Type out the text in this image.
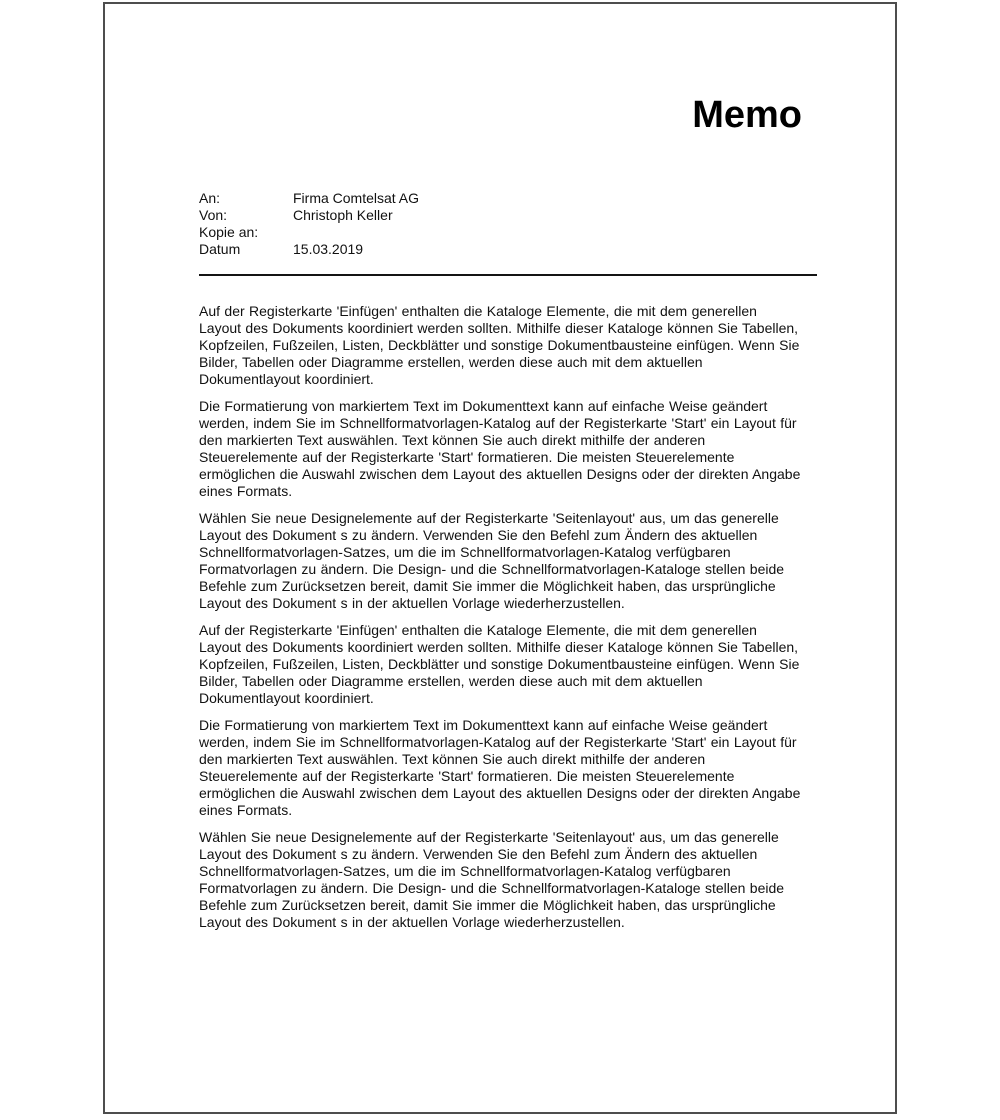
Memo
An:	Firma Comtelsat AG
Von:	Christoph Keller
Kopie an:
Datum	15.03.2019

Auf der Registerkarte 'Einfügen' enthalten die Kataloge Elemente, die mit dem generellen Layout des Dokuments koordiniert werden sollten. Mithilfe dieser Kataloge können Sie Tabellen, Kopfzeilen, Fußzeilen, Listen, Deckblätter und sonstige Dokumentbausteine einfügen. Wenn Sie Bilder, Tabellen oder Diagramme erstellen, werden diese auch mit dem aktuellen Dokumentlayout koordiniert.

Die Formatierung von markiertem Text im Dokumenttext kann auf einfache Weise geändert werden, indem Sie im Schnellformatvorlagen-Katalog auf der Registerkarte 'Start' ein Layout für den markierten Text auswählen. Text können Sie auch direkt mithilfe der anderen Steuerelemente auf der Registerkarte 'Start' formatieren. Die meisten Steuerelemente ermöglichen die Auswahl zwischen dem Layout des aktuellen Designs oder der direkten Angabe eines Formats.

Wählen Sie neue Designelemente auf der Registerkarte 'Seitenlayout' aus, um das generelle Layout des Dokument s zu ändern. Verwenden Sie den Befehl zum Ändern des aktuellen Schnellformatvorlagen-Satzes, um die im Schnellformatvorlagen-Katalog verfügbaren Formatvorlagen zu ändern. Die Design- und die Schnellformatvorlagen-Kataloge stellen beide Befehle zum Zurücksetzen bereit, damit Sie immer die Möglichkeit haben, das ursprüngliche Layout des Dokument s in der aktuellen Vorlage wiederherzustellen.

Auf der Registerkarte 'Einfügen' enthalten die Kataloge Elemente, die mit dem generellen Layout des Dokuments koordiniert werden sollten. Mithilfe dieser Kataloge können Sie Tabellen, Kopfzeilen, Fußzeilen, Listen, Deckblätter und sonstige Dokumentbausteine einfügen. Wenn Sie Bilder, Tabellen oder Diagramme erstellen, werden diese auch mit dem aktuellen Dokumentlayout koordiniert.

Die Formatierung von markiertem Text im Dokumenttext kann auf einfache Weise geändert werden, indem Sie im Schnellformatvorlagen-Katalog auf der Registerkarte 'Start' ein Layout für den markierten Text auswählen. Text können Sie auch direkt mithilfe der anderen Steuerelemente auf der Registerkarte 'Start' formatieren. Die meisten Steuerelemente ermöglichen die Auswahl zwischen dem Layout des aktuellen Designs oder der direkten Angabe eines Formats.

Wählen Sie neue Designelemente auf der Registerkarte 'Seitenlayout' aus, um das generelle Layout des Dokument s zu ändern. Verwenden Sie den Befehl zum Ändern des aktuellen Schnellformatvorlagen-Satzes, um die im Schnellformatvorlagen-Katalog verfügbaren Formatvorlagen zu ändern. Die Design- und die Schnellformatvorlagen-Kataloge stellen beide Befehle zum Zurücksetzen bereit, damit Sie immer die Möglichkeit haben, das ursprüngliche Layout des Dokument s in der aktuellen Vorlage wiederherzustellen.
